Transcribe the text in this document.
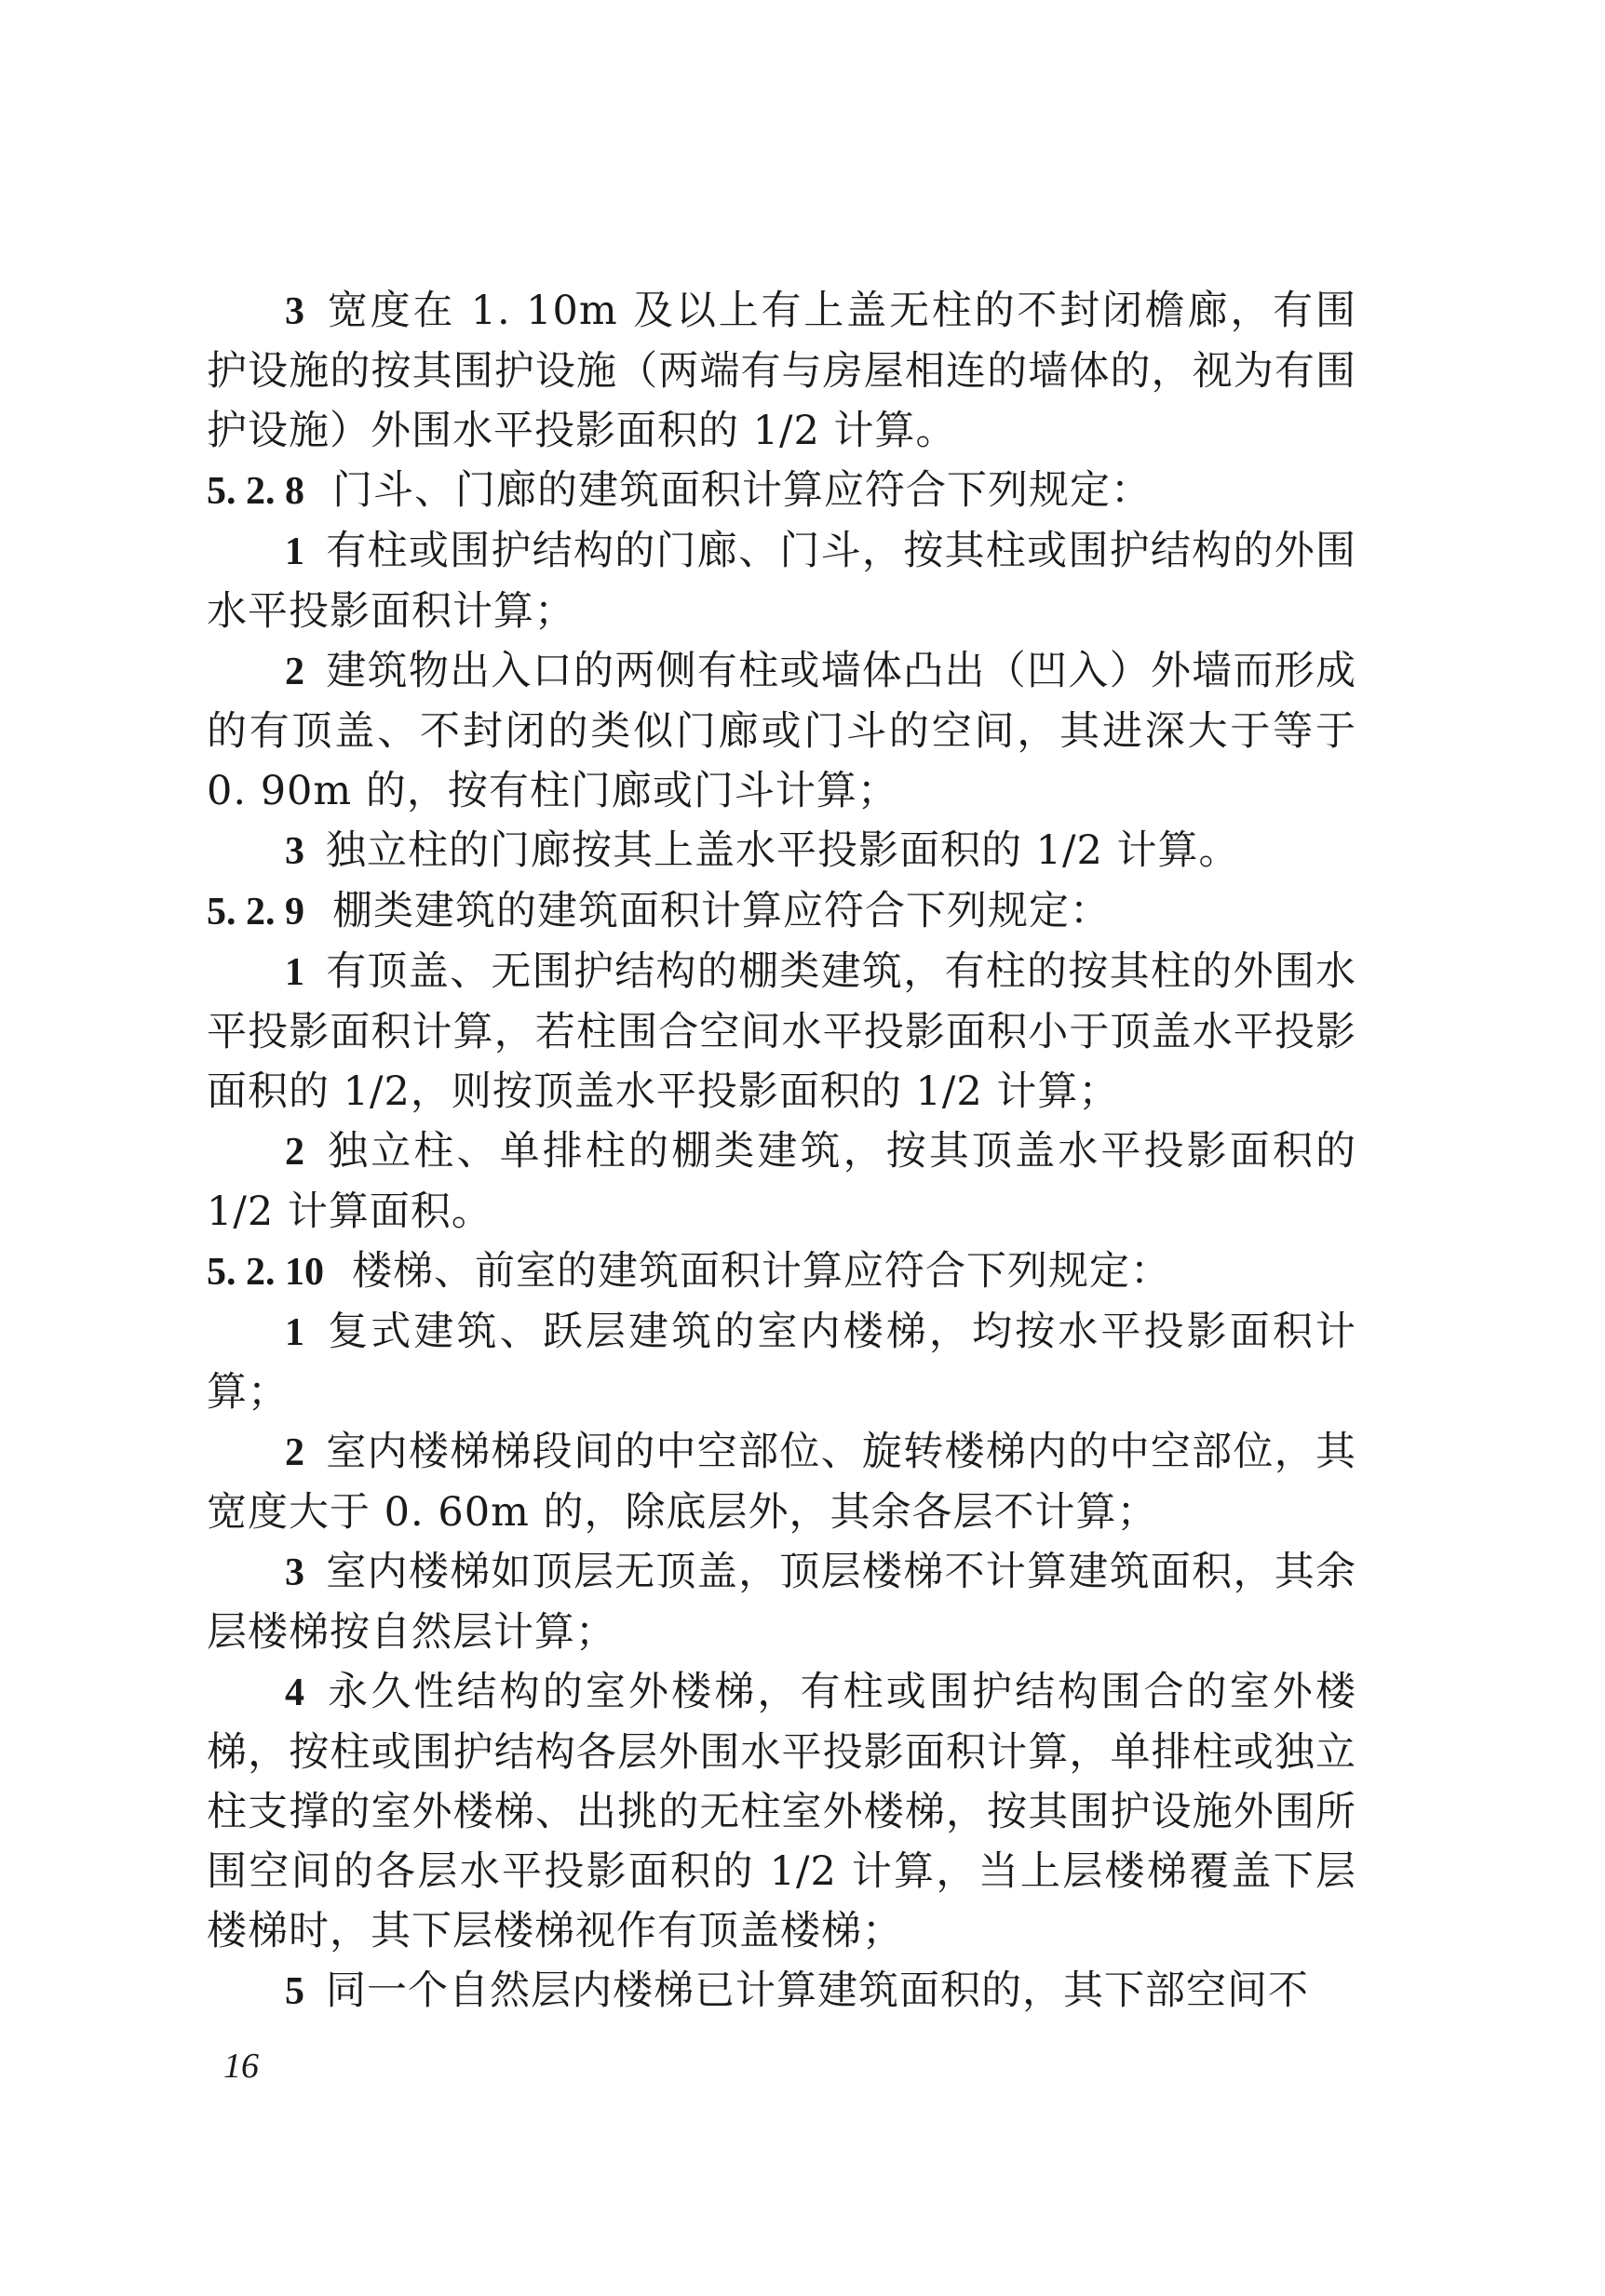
3 宽度在 1. 10m 及以上有上盖无柱的不封闭檐廊，有围护设施的按其围护设施（两端有与房屋相连的墙体的，视为有围护设施）外围水平投影面积的 1/2 计算。

5. 2. 8 门斗、门廊的建筑面积计算应符合下列规定：

1 有柱或围护结构的门廊、门斗，按其柱或围护结构的外围水平投影面积计算；

2 建筑物出入口的两侧有柱或墙体凸出（凹入）外墙而形成的有顶盖、不封闭的类似门廊或门斗的空间，其进深大于等于 0. 90m 的，按有柱门廊或门斗计算；

3 独立柱的门廊按其上盖水平投影面积的 1/2 计算。

5. 2. 9 棚类建筑的建筑面积计算应符合下列规定：

1 有顶盖、无围护结构的棚类建筑，有柱的按其柱的外围水平投影面积计算，若柱围合空间水平投影面积小于顶盖水平投影面积的 1/2，则按顶盖水平投影面积的 1/2 计算；

2 独立柱、单排柱的棚类建筑，按其顶盖水平投影面积的 1/2 计算面积。

5. 2. 10 楼梯、前室的建筑面积计算应符合下列规定：

1 复式建筑、跃层建筑的室内楼梯，均按水平投影面积计算；

2 室内楼梯梯段间的中空部位、旋转楼梯内的中空部位，其宽度大于 0. 60m 的，除底层外，其余各层不计算；

3 室内楼梯如顶层无顶盖，顶层楼梯不计算建筑面积，其余层楼梯按自然层计算；

4 永久性结构的室外楼梯，有柱或围护结构围合的室外楼梯，按柱或围护结构各层外围水平投影面积计算，单排柱或独立柱支撑的室外楼梯、出挑的无柱室外楼梯，按其围护设施外围所围空间的各层水平投影面积的 1/2 计算，当上层楼梯覆盖下层楼梯时，其下层楼梯视作有顶盖楼梯；

5 同一个自然层内楼梯已计算建筑面积的，其下部空间不

16
